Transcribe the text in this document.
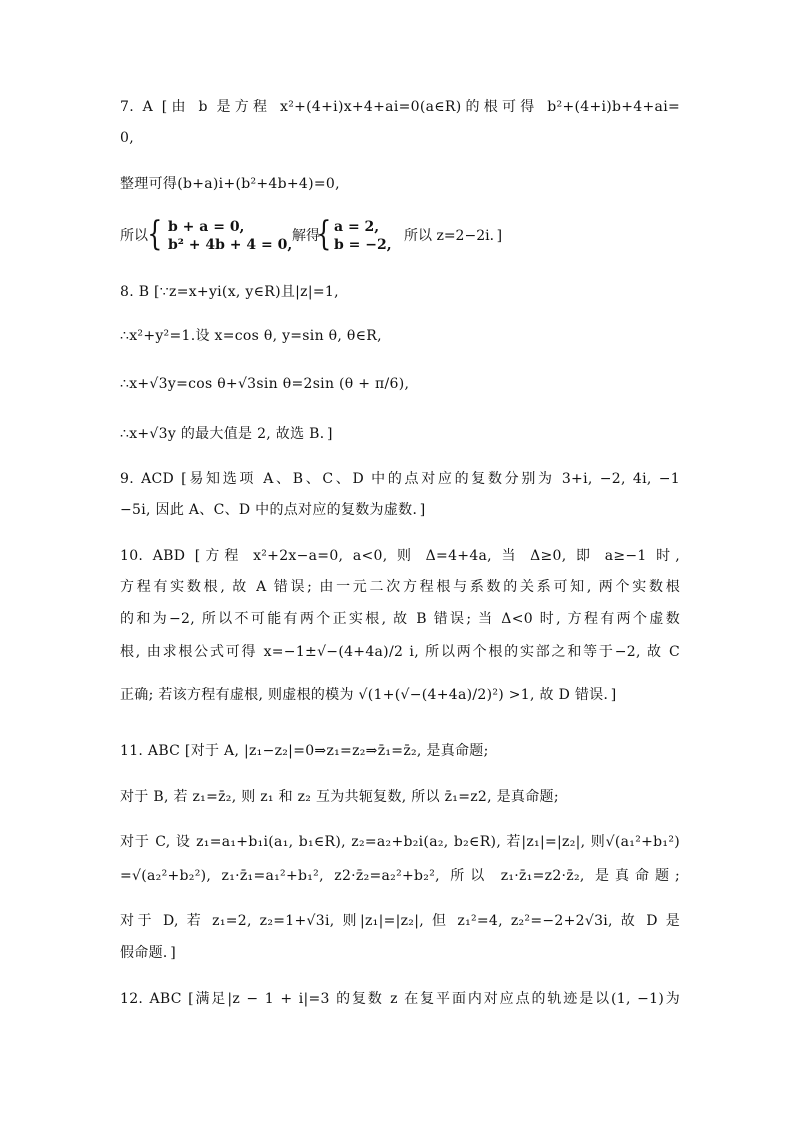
7. A [由 b 是方程 x²+(4+i)x+4+ai=0(a∈R)的根可得 b²+(4+i)b+4+ai=
0,
整理可得(b+a)i+(b²+4b+4)=0,
所以 { b + a = 0,
b² + 4b + 4 = 0,
解得
{ a = 2,
b = −2,
所以 z=2−2i．]
8. B [∵z=x+yi(x, y∈R)且|z|=1,
∴x²+y²=1.设 x=cos θ, y=sin θ, θ∈R,
∴x+√3y=cos θ+√3sin θ=2sin (θ + π/6),
∴x+√3y 的最大值是 2, 故选 B．]
9. ACD [易知选项 A、B、C、D 中的点对应的复数分别为 3+i, −2, 4i, −1
−5i, 因此 A、C、D 中的点对应的复数为虚数．]
10. ABD [方程 x²+2x−a=0, a<0, 则 Δ=4+4a, 当 Δ≥0, 即 a≥−1 时,
方程有实数根, 故 A 错误; 由一元二次方程根与系数的关系可知, 两个实数根
的和为−2, 所以不可能有两个正实根, 故 B 错误; 当 Δ<0 时, 方程有两个虚数
根, 由求根公式可得 x=−1±√−(4+4a)/2 i, 所以两个根的实部之和等于−2, 故 C
正确; 若该方程有虚根, 则虚根的模为 √(1+(√−(4+4a)/2)²) >1, 故 D 错误．]
11. ABC [对于 A, |z₁−z₂|=0⇒z₁=z₂⇒z̄₁=z̄₂, 是真命题;
对于 B, 若 z₁=z̄₂, 则 z₁ 和 z₂ 互为共轭复数, 所以 z̄₁=z2, 是真命题;
对于 C, 设 z₁=a₁+b₁i(a₁, b₁∈R), z₂=a₂+b₂i(a₂, b₂∈R), 若|z₁|=|z₂|, 则√(a₁²+b₁²)
=√(a₂²+b₂²), z₁·z̄₁=a₁²+b₁², z2·z̄₂=a₂²+b₂², 所以 z₁·z̄₁=z2·z̄₂, 是真命题;
对于 D, 若 z₁=2, z₂=1+√3i, 则|z₁|=|z₂|, 但 z₁²=4, z₂²=−2+2√3i, 故 D 是
假命题．]
12. ABC [满足|z − 1 + i|=3 的复数 z 在复平面内对应点的轨迹是以(1, −1)为
